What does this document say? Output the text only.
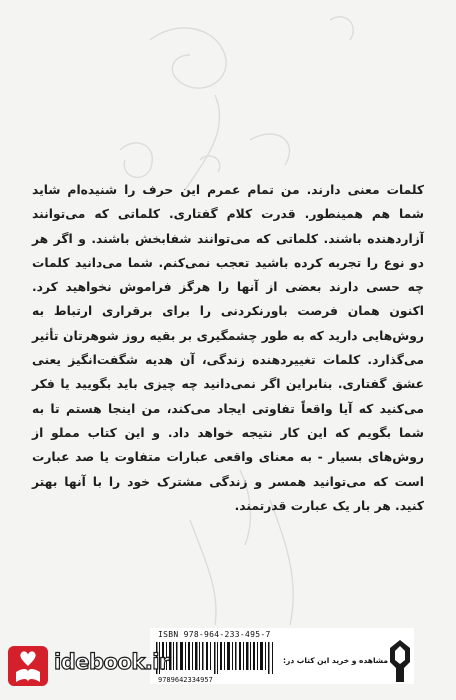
کلمات معنی دارند. من تمام عمرم این حرف را شنیده‌ام شاید شما هم همینطور. قدرت کلام گفتاری. کلماتی که می‌توانند آزاردهنده باشند. کلماتی که می‌توانند شفابخش باشند. و اگر هر دو نوع را تجربه کرده باشید تعجب نمی‌کنم. شما می‌دانید کلمات چه حسی دارند بعضی از آنها را هرگز فراموش نخواهید کرد. اکنون همان فرصت باورنکردنی را برای برقراری ارتباط به روش‌هایی دارید که به طور چشمگیری بر بقیه روز شوهرتان تأثیر می‌گذارد. کلمات تغییردهنده زندگی، آن هدیه شگفت‌انگیز یعنی عشق گفتاری. بنابراین اگر نمی‌دانید چه چیزی باید بگویید یا فکر می‌کنید که آیا واقعاً تفاوتی ایجاد می‌کند، من اینجا هستم تا به شما بگویم که این کار نتیجه خواهد داد. و این کتاب مملو از روش‌های بسیار - به معنای واقعی عبارات متفاوت یا صد عبارت است که می‌توانید همسر و زندگی مشترک خود را با آنها بهتر کنید. هر بار یک عبارت قدرتمند.

ISBN 978-964-233-495-7
9789642334957
مشاهده و خرید این کتاب در:
idebook.ir
